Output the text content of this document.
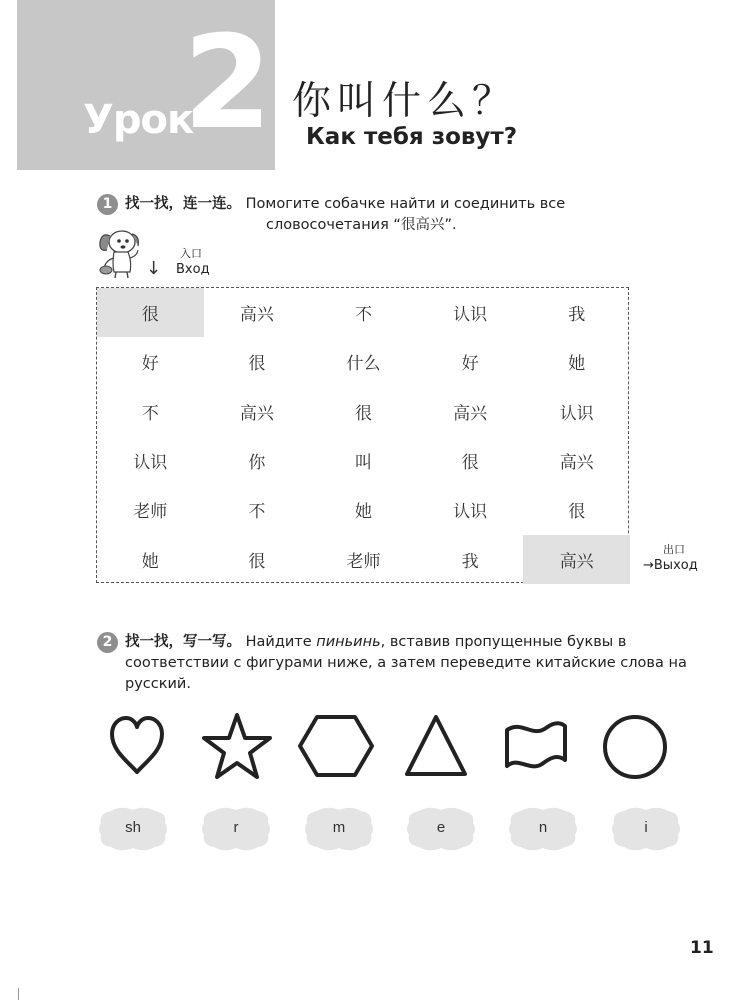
Урок
2 你叫什么？
Как тебя зовут?
1 找一找，连一连。 Помогите собачке найти и соединить все
словосочетания “很高兴”.
↓
入口
Вход
很	高兴	不	认识	我
好	很	什么	好	她
不	高兴	很	高兴	认识
认识	你	叫	很	高兴
老师	不	她	认识	很
她	很	老师	我	高兴
出口
→Выход
2 找一找，写一写。 Найдите пиньинь, вставив пропущенные буквы в
соответствии с фигурами ниже, а затем переведите китайские слова на
русский.
sh	r	m	e	n	i
11
